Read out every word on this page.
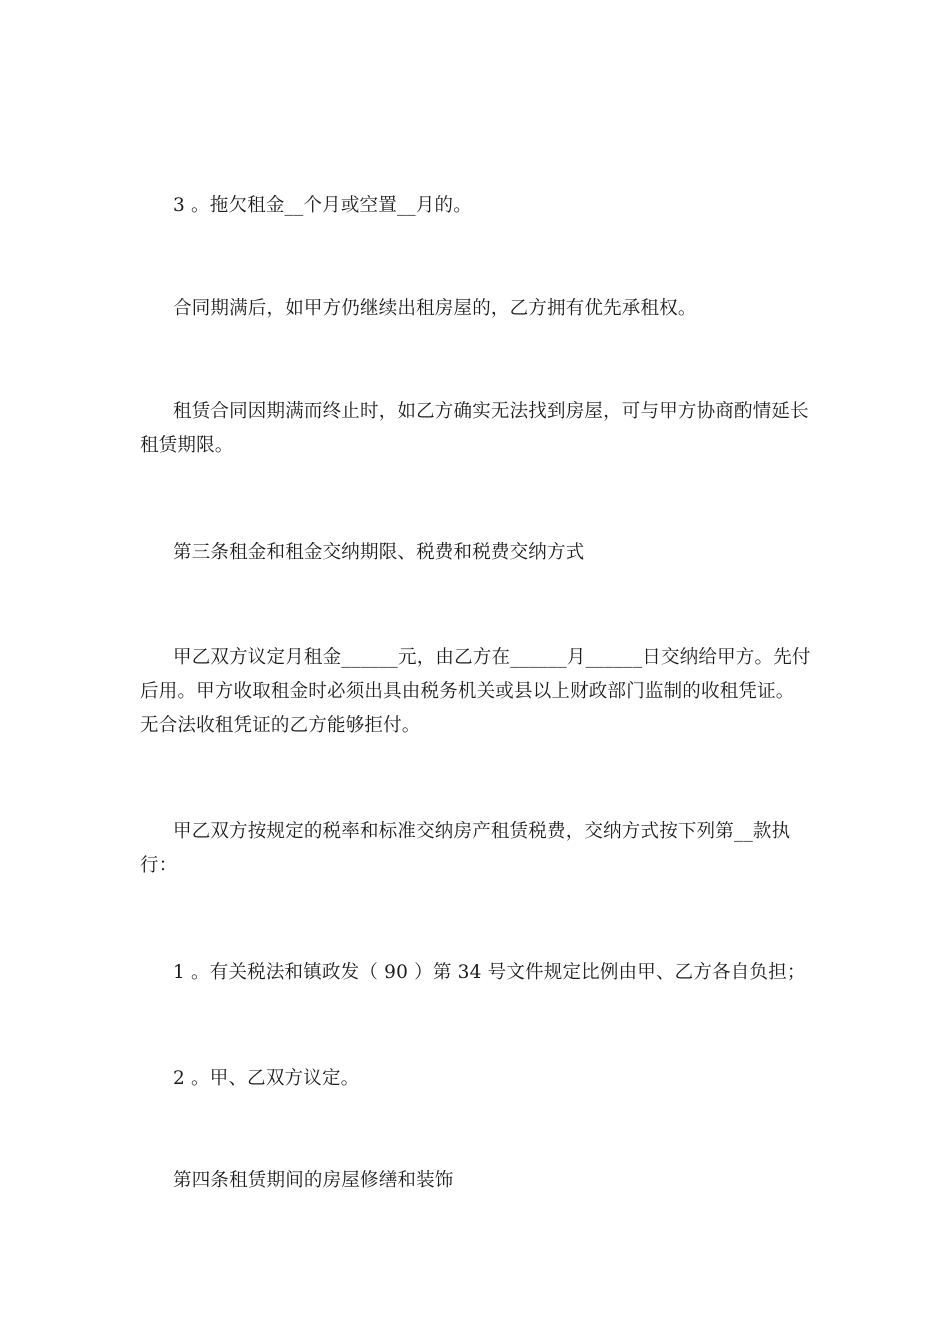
3 。拖欠租金__个月或空置__月的。

合同期满后，如甲方仍继续出租房屋的，乙方拥有优先承租权。

租赁合同因期满而终止时，如乙方确实无法找到房屋，可与甲方协商酌情延长租赁期限。

第三条租金和租金交纳期限、税费和税费交纳方式

甲乙双方议定月租金______元，由乙方在______月______日交纳给甲方。先付后用。甲方收取租金时必须出具由税务机关或县以上财政部门监制的收租凭证。无合法收租凭证的乙方能够拒付。

甲乙双方按规定的税率和标准交纳房产租赁税费，交纳方式按下列第__款执行：

1 。有关税法和镇政发（ 90 ）第 34 号文件规定比例由甲、乙方各自负担；

2 。甲、乙双方议定。

第四条租赁期间的房屋修缮和装饰
